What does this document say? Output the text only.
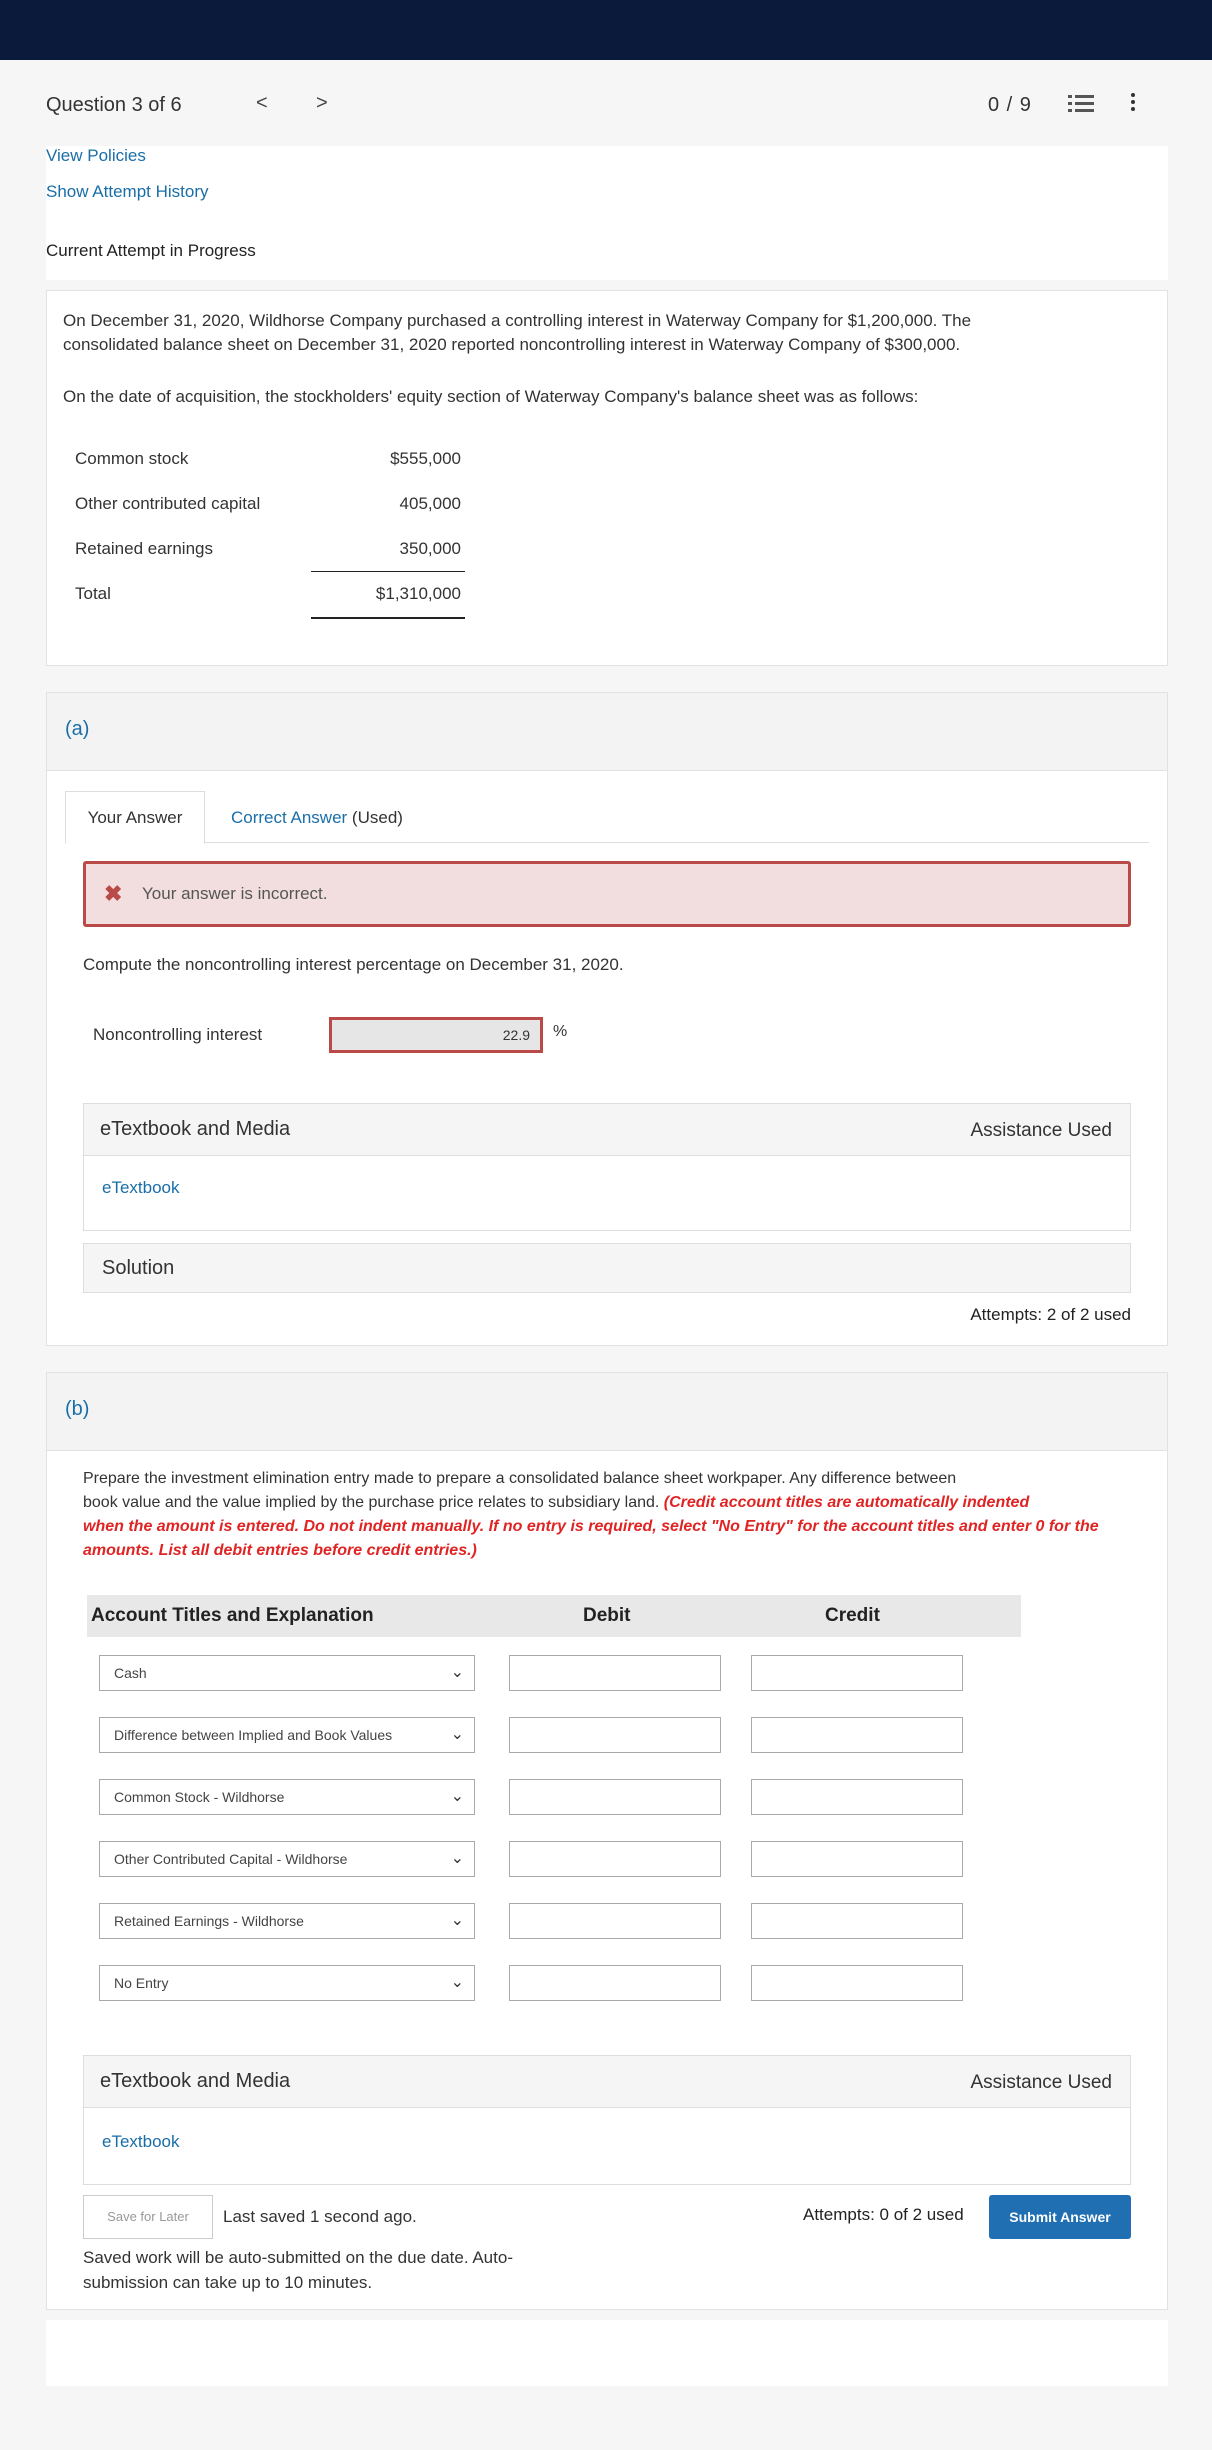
Question 3 of 6	< >	0 / 9
View Policies
Show Attempt History
Current Attempt in Progress
On December 31, 2020, Wildhorse Company purchased a controlling interest in Waterway Company for $1,200,000. The
consolidated balance sheet on December 31, 2020 reported noncontrolling interest in Waterway Company of $300,000.
On the date of acquisition, the stockholders' equity section of Waterway Company's balance sheet was as follows:
Common stock	$555,000
Other contributed capital	405,000
Retained earnings	350,000
Total	$1,310,000
(a)
Your Answer	Correct Answer (Used)
✖ Your answer is incorrect.
Compute the noncontrolling interest percentage on December 31, 2020.
Noncontrolling interest	22.9	%
eTextbook and Media	Assistance Used
eTextbook
Solution
Attempts: 2 of 2 used
(b)
Prepare the investment elimination entry made to prepare a consolidated balance sheet workpaper. Any difference between
book value and the value implied by the purchase price relates to subsidiary land. (Credit account titles are automatically indented
when the amount is entered. Do not indent manually. If no entry is required, select "No Entry" for the account titles and enter 0 for the
amounts. List all debit entries before credit entries.)
Account Titles and Explanation	Debit	Credit
Cash	⌄
Difference between Implied and Book Values	⌄
Common Stock - Wildhorse	⌄
Other Contributed Capital - Wildhorse	⌄
Retained Earnings - Wildhorse	⌄
No Entry	⌄
eTextbook and Media	Assistance Used
eTextbook
Save for Later	Last saved 1 second ago.	Attempts: 0 of 2 used	Submit Answer
Saved work will be auto-submitted on the due date. Auto-
submission can take up to 10 minutes.
